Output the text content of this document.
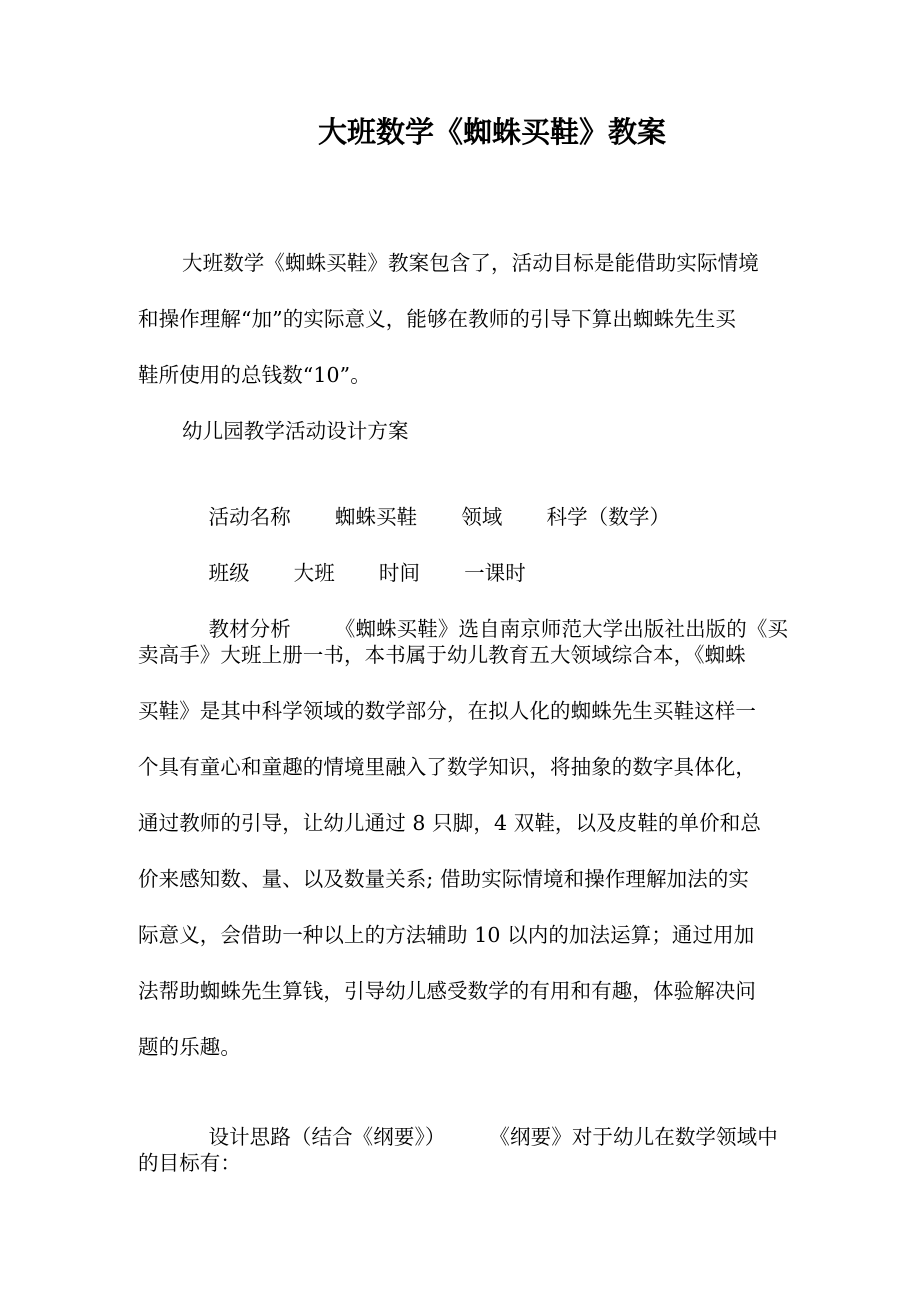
大班数学《蜘蛛买鞋》教案
大班数学《蜘蛛买鞋》教案包含了，活动目标是能借助实际情境
和操作理解“加”的实际意义，能够在教师的引导下算出蜘蛛先生买
鞋所使用的总钱数“10”。
幼儿园教学活动设计方案

活动名称 蜘蛛买鞋 领域 科学（数学）

班级 大班 时间 一课时

教材分析 《蜘蛛买鞋》选自南京师范大学出版社出版的《买

卖高手》大班上册一书，本书属于幼儿教育五大领域综合本，《蜘蛛
买鞋》是其中科学领域的数学部分，在拟人化的蜘蛛先生买鞋这样一
个具有童心和童趣的情境里融入了数学知识，将抽象的数字具体化，
通过教师的引导，让幼儿通过 8 只脚，4 双鞋，以及皮鞋的单价和总
价来感知数、量、以及数量关系; 借助实际情境和操作理解加法的实
际意义，会借助一种以上的方法辅助 10 以内的加法运算；通过用加
法帮助蜘蛛先生算钱，引导幼儿感受数学的有用和有趣，体验解决问
题的乐趣。

设计思路（结合《纲要》） 《纲要》对于幼儿在数学领域中

的目标有：
